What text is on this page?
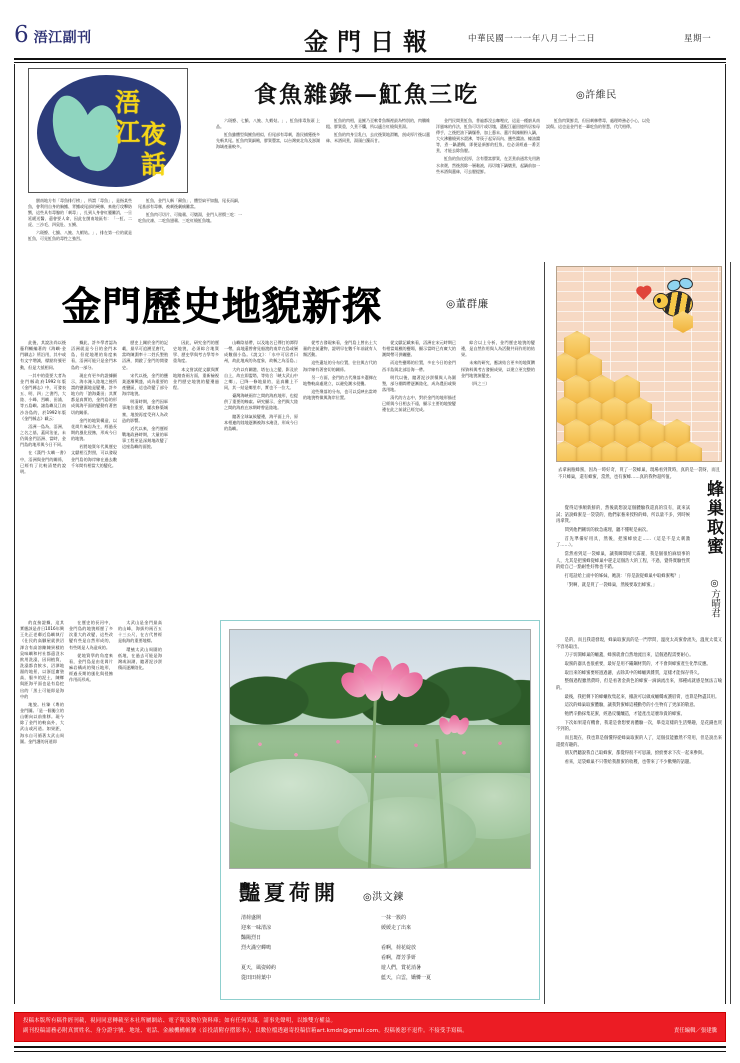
6 浯江副刊	金門日報	中華民國一一一年八月二十二日	星期一
浯
江 夜
話
食魚雜錄—魟魚三吃	◎許維民

六斑鰶、七鱝、八魨、九蝦姑。」，魟魚排毒魚頭 上品。

魟魚雖體型與鰩魚相似，但尾部有毒刺，漁民捕獲後多先斬其尾。魟魚肉質細緻，膠質豐富，以台灣東北角及澎湖海域產量較多。

魟魚的肉相，是鰩乃至軟骨魚類裡最為特別的，肉纖維粗、膠質重，久煮不爛，所以適合紅燒與煮湯。

魟魚的肉身呈乳白，去皮後質地滑嫩，剖成厚片後以薑絲、米酒同煮，湯頭白濁而甘。

金門民間煮魟魚，普遍都沒去咖哩皮，這是一種廚具南洋風味的作法，魟魚可切片或切塊，選配江麗回憶所居家母傳手，之後把油下鍋爆香，加上蔥末、薑片與辣椒粉入鍋，大火沸騰燒到水滾沸，等筷子起穿而內、鹽些醬油、蠔油醬等，煮一鍋濃稠，即便是新鮮的魟魚，也必須經過一番烹煮，才能去除魚腥。

魟魚的魚皮很厚，含有豐富膠質，在烹煮前通常先用熱水汆燙，然後刮除一層黏液，再切塊下鍋燉煮，起鍋前加一些米酒與薑絲，可去腥提鮮。

魟魚肉質鮮美，但因刺棘帶毒，處理時務必小心，以免誤傷。這也是金門老一輩吃魚的智慧，代代相傳。

閩南地方有「毒魚排行榜」，所謂「毒魚」，是指某些魚，會利用自身的胸鰭、背鰭或尾部的硬棘，來進行攻擊防禦，這些具有毒腺的「刺毒」，扎到人身會紅腫難消，一旦延緩送醫，還會要人命，因此在閩南地區有：「一魟、二虎、三沙毛、四臭肚、五鰻、

六斑鰶、七鱝、八魨、九蝦姑。」，排在第一位的就是魟魚，可見魟魚的毒性之強烈。

魟魚，金門人稱「鱟魚」，體型扁平如盤，尾長而細，尾基部有毒棘，被刺後劇痛難當。

魟魚肉可切片、可做羹、可燉湯，金門人習慣三吃：一吃魚皮凍、二吃魚翅羹、三吃紅燒魟魚塊。

金門歷史地貌新探	◎董群廉

此後，其說法尚以後藤利輔編著的《海嶼‧金門驛志》所沿用，其中或有文字増減，標點符號更動，但是大抵相同。

一其中的重要大者為金門縣政府1992年版《金門縣志》中，可發表五、明、四」之書門，大陸、小峰、烈嶼、田浦、等五島嶼。諸島嶼及江南沙各島的，於1992年版《金門縣志》載云：

浯洲一島為，浯洲、之名之基，蓋同治並，未仍與金門浯洲、當時，金門島的地形與今日不同。

在《漢門‧太嶼一書》中，浯洲與金門的關係，已經有了比較清楚的說明。

據此，許多學者認為浯洲就是今日的金門本島，但從地理的角度來看，浯洲可能只是金門本島的一部分。

現在有更多的證據顯示，海水淹入陸地之後所謂的鹽濕地是變遷，許多地方的「滄海桑田」其實都是真實的，金門島的形成與海平面的變動有著密切的關係。

金門的地質構造，以花崗片麻岩為主，經過長期的風化侵蝕，形成今日的地貌。

若將地質年代與歷史文獻相互對照，可以發現金門島的海岸線在過去數千年間有相當大的變化。

歷史上關於金門的記載，最早可追溯至唐代，當時陳淵率十二姓氏墾殖浯洲，開啟了金門的開發史。

宋代以後，金門的鹽業逐漸興盛，成為重要的產鹽區，這也改變了部分海岸地貌。

明清時期，金門因軍事地位重要，屢次修築城寨，地貌再度受到人為改造的影響。

近代以來，金門歷經戰地政務時期，大量的軍事工程更是深刻地改變了這座島嶼的面貌。

因此，研究金門的歷史地貌，必須綜合地質學、歷史學與考古學等多重角度。

本文嘗試從文獻與實地踏查兩方面，重新檢視金門歷史地貌的變遷過程。

山嶼陰基帶，以及地名已傳打的潭得一帶，高地還曾會見船渡的南岸在島或層成數個小島。《說文》：「水中可居者曰州，故此地成的為度象，故稱之為浯島。」

大約以有關港、塔在山之變，影及於自上，故在即盟塔，等結合「峽太武山中之鄉」，已降一條地最的，是真難上不同，其一結是鄉里市，實也不一位大。

臺灣海峽兩岸之間的海底地形，也提供了重要的線索。研究顯示，金門與大陸之間的海底在冰期時曾是陸地。

隨著全球氣候變遷，海平面上升，原本相連的陸地逐漸被海水淹沒，形成今日的島嶼。

從考古發現來看，金門島上曾出土大量的史前遺物，證明早在數千年前就有人類活動。

這些遺址的分布位置，往往與古代的海岸線有著密切的關係。

另一方面，金門的古代聚落多選擇在地勢較高處建立，以避免潮水侵襲。

這些聚落的分布，也可以反映出當時的地貌特徵與海岸位置。

從文獻記載來看，浯洲在宋元時期已有相當規模的鹽場，顯示當時已有廣大的潮間帶可供曬鹽。

而這些鹽場的位置，多在今日的金門西半島與北部沿海一帶。

明代以後，隨著泥沙淤積與人為圍墾，部分潮間帶逐漸陸化，成為農田或聚落用地。

清代的方志中，對於金門的地形描述已經與今日相去不遠，顯示主要的地貌變遷在此之前就已經完成。

綜合以上分析，金門歷史地貌的變遷，是自然作用與人為活動共同作用的結果。

未來的研究，應該結合更多的地質鑽探資料與考古發掘成果，以建立更完整的金門地貌演變史。

（四之三）

的直接證據，這其實應該是昔日1016年興王先正老鄰近島嶼執行《仕民的高腳屋就供沼澤含有高溶陳陳異樣的臭味嶼和村社都還沒水飲用洗澡，因同植質，洗澡都食飲水，沼澤地濕的地景，以浙逕庸墊高，服多的泥土，陳鄉與距海平面也是有島挖出的「黑土可能即是海中的

地貌。杜臻《粵的金門圖。「是一個獨立的山朝向以前推移。現今除了金門的較高外，大武山或河道。如果距，海水自可循著太武山周圍。金門護的河道即

在歷史的長河中，金門島的地貌經歷了多次重大的改變，這些改變有些是自然形成的，有些則是人為造成的。

從地質學的角度來看，金門島是由花崗片麻岩構成的殘丘地形，經過長期的風化與侵蝕作用而形成。

太武山是金門最高的山峰，海拔約兩百五十三公尺，在古代曾經是航海的重要地標。

環繞太武山周圍的低地，在過去可能是海灣或潟湖，隨著泥沙淤積而逐漸陸化。

豔夏荷開 ◎洪文鍊

清荷盛開

迎來一味清涼

豔陽烈日

烈火滿空蟬鳴

夏天，風姿綽約

從田田荷葉中

一抹一簇的

緩緩走了出來

看啊，荷花綻放

看啊，群芳爭妍

遊人們，賞花消暑

藍天，白雲，嬌憐一夏

去拿兩瓶蜂蜜，因為一時好奇，買了一袋蜂巢，現場看到貨時，真的是一袋呀，而且不只蜂巢，還有蜂蜜，當然，也有蜜蜂……真的我物超所值。
蜂巢取蜜
◎方晴君

覺得這事頗新鮮的，然後就想說這個體驗我還真的沒有，就來試試；話說蜂蜜是一袋袋的，他們家養來授粉的蜂，所以量不多，到時候再拿貨。

問到他們剛切的救急處理，聽不懂呢是兩次。

首先準備好用具，然後，把蜜蜂放走……（這是不是太刺激了……）。

當然看到這一袋蜂巢，讓我瞬間晴天霹靂，我是個很怕麻煩事的人，尤其是把蜜蜂從蜂巢中趕走這個浩大的工程，不過，覺得實驗性質的給自己一點耐性好像也不錯。

打電話給上面中的姊妹，她說：「你是說從蜂巢中取蜂蜜嗎？」

「對啊，就是買了一袋蜂巢，然後要取出蜂蜜。」

是的，而且我還發現，蜂巢取蜜真的是一門學問，溫度太高蜜會流失，溫度太低又不容易取出。

刀子切開蜂巢的蠟蓋，蜂蜜就會自然地流出來，這個過程需要耐心。

取蜜的器具也很重要，最好是用不鏽鋼材質的，才不會與蜂蜜產生化學反應。

取出來的蜂蜜要經過過濾，去除其中的蜂蠟與雜質，這樣才能保存得久。

整個過程雖然費時，但是看著金黃色的蜂蜜一滴滴流出來，那種成就感是無法言喻的。

最後，我把剩下的蜂蠟收集起來，據說可以做成蠟燭或護唇膏，也算是物盡其用。

這次的蜂巢取蜜體驗，讓我對蜜蜂這種勤勞的小生物有了更深的敬意。

牠們辛勤採集花蜜，經過反覆釀造，才能產出這麼珍貴的蜂蜜。

下次如果還有機會，我還是會想要再體驗一次，畢竟這樣的生活樂趣，是花錢也買不到的。

而且現在，我也算是個懂得從蜂巢取蜜的人了，這個技能雖然不常用，但是說出來還挺有趣的。

朋友們聽說我自己取蜂蜜，都覺得很不可思議，紛紛要求下次一起來參與。

看來，這袋蜂巢不只帶給我甜蜜的收穫，也帶來了不少歡樂的話題。

投稿本版所有稿件經刊載，視同同意轉載至本社所屬網站、電子報及數位資料庫；如有任何異議，請事先聲明，以維雙方權益。
副刊投稿請務必附真實姓名、身分證字號、地址、電話、金融機構帳號（首投請附存摺影本），以數位檔透過寄投稿信箱art.kmdn@gmail.com。投稿後恕不退件。不接受手寫稿。	責任編輯／張建騰
